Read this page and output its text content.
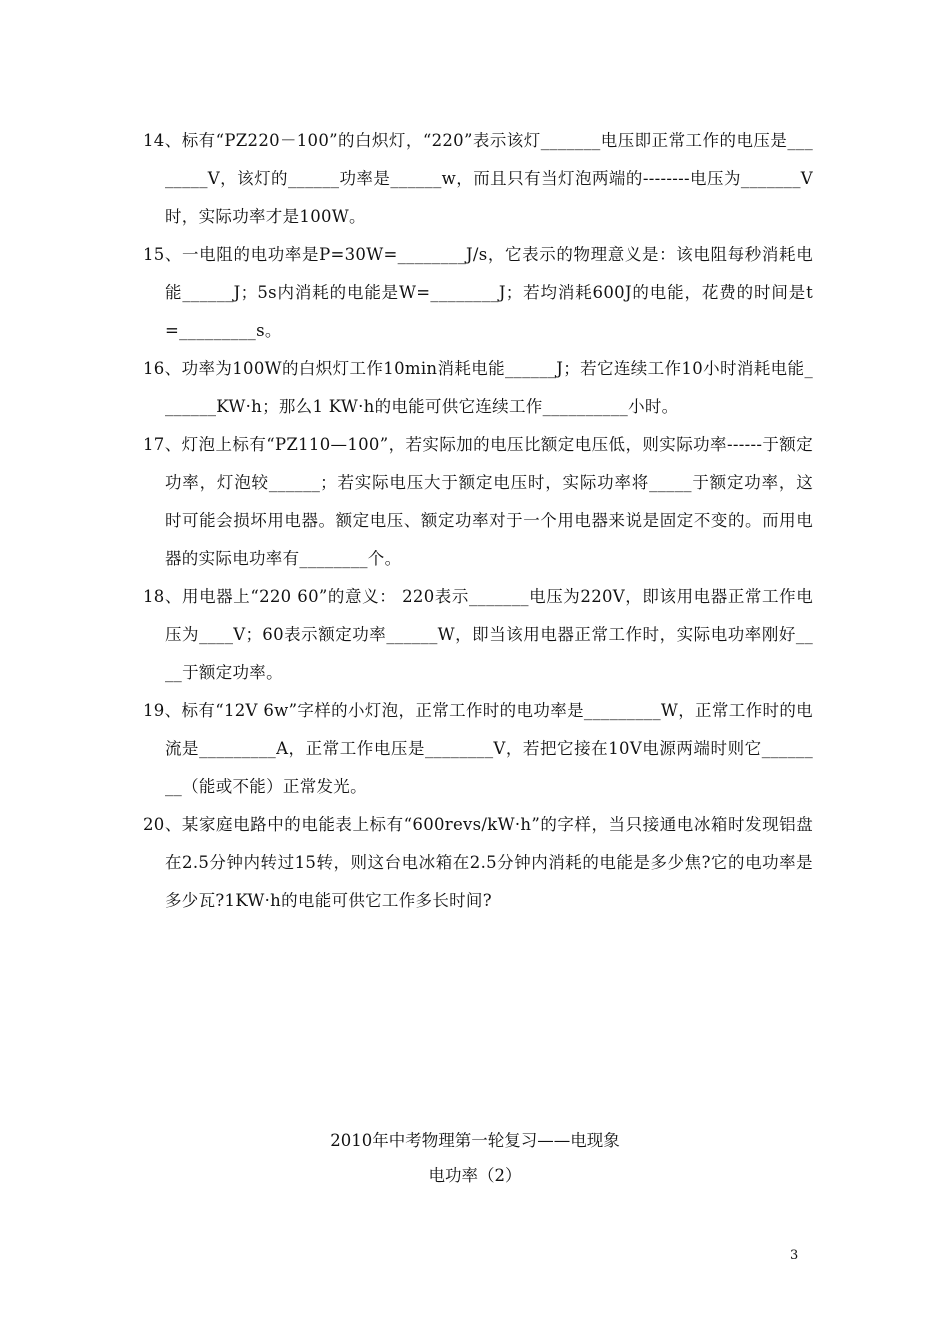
14、标有“PZ220－100”的白炽灯，“220”表示该灯_______电压即正常工作的电压是________V，该灯的______功率是______w，而且只有当灯泡两端的--------电压为_______V时，实际功率才是100W。
15、一电阻的电功率是P=30W=________J/s，它表示的物理意义是：该电阻每秒消耗电能______J；5s内消耗的电能是W=________J；若均消耗600J的电能，花费的时间是t=_________s。
16、功率为100W的白炽灯工作10min消耗电能______J；若它连续工作10小时消耗电能_______KW·h；那么1 KW·h的电能可供它连续工作__________小时。
17、灯泡上标有“PZ110—100”，若实际加的电压比额定电压低，则实际功率------于额定功率，灯泡较______；若实际电压大于额定电压时，实际功率将_____于额定功率，这时可能会损坏用电器。额定电压、额定功率对于一个用电器来说是固定不变的。而用电器的实际电功率有________个。
18、用电器上“220 60”的意义： 220表示_______电压为220V，即该用电器正常工作电压为____V；60表示额定功率______W，即当该用电器正常工作时，实际电功率刚好____于额定功率。
19、标有“12V 6w”字样的小灯泡，正常工作时的电功率是_________W，正常工作时的电流是_________A，正常工作电压是________V，若把它接在10V电源两端时则它________（能或不能）正常发光。
20、某家庭电路中的电能表上标有“600revs/kW·h”的字样，当只接通电冰箱时发现铝盘在2.5分钟内转过15转，则这台电冰箱在2.5分钟内消耗的电能是多少焦?它的电功率是多少瓦?1KW·h的电能可供它工作多长时间?
2010年中考物理第一轮复习——电现象
电功率（2）
3
